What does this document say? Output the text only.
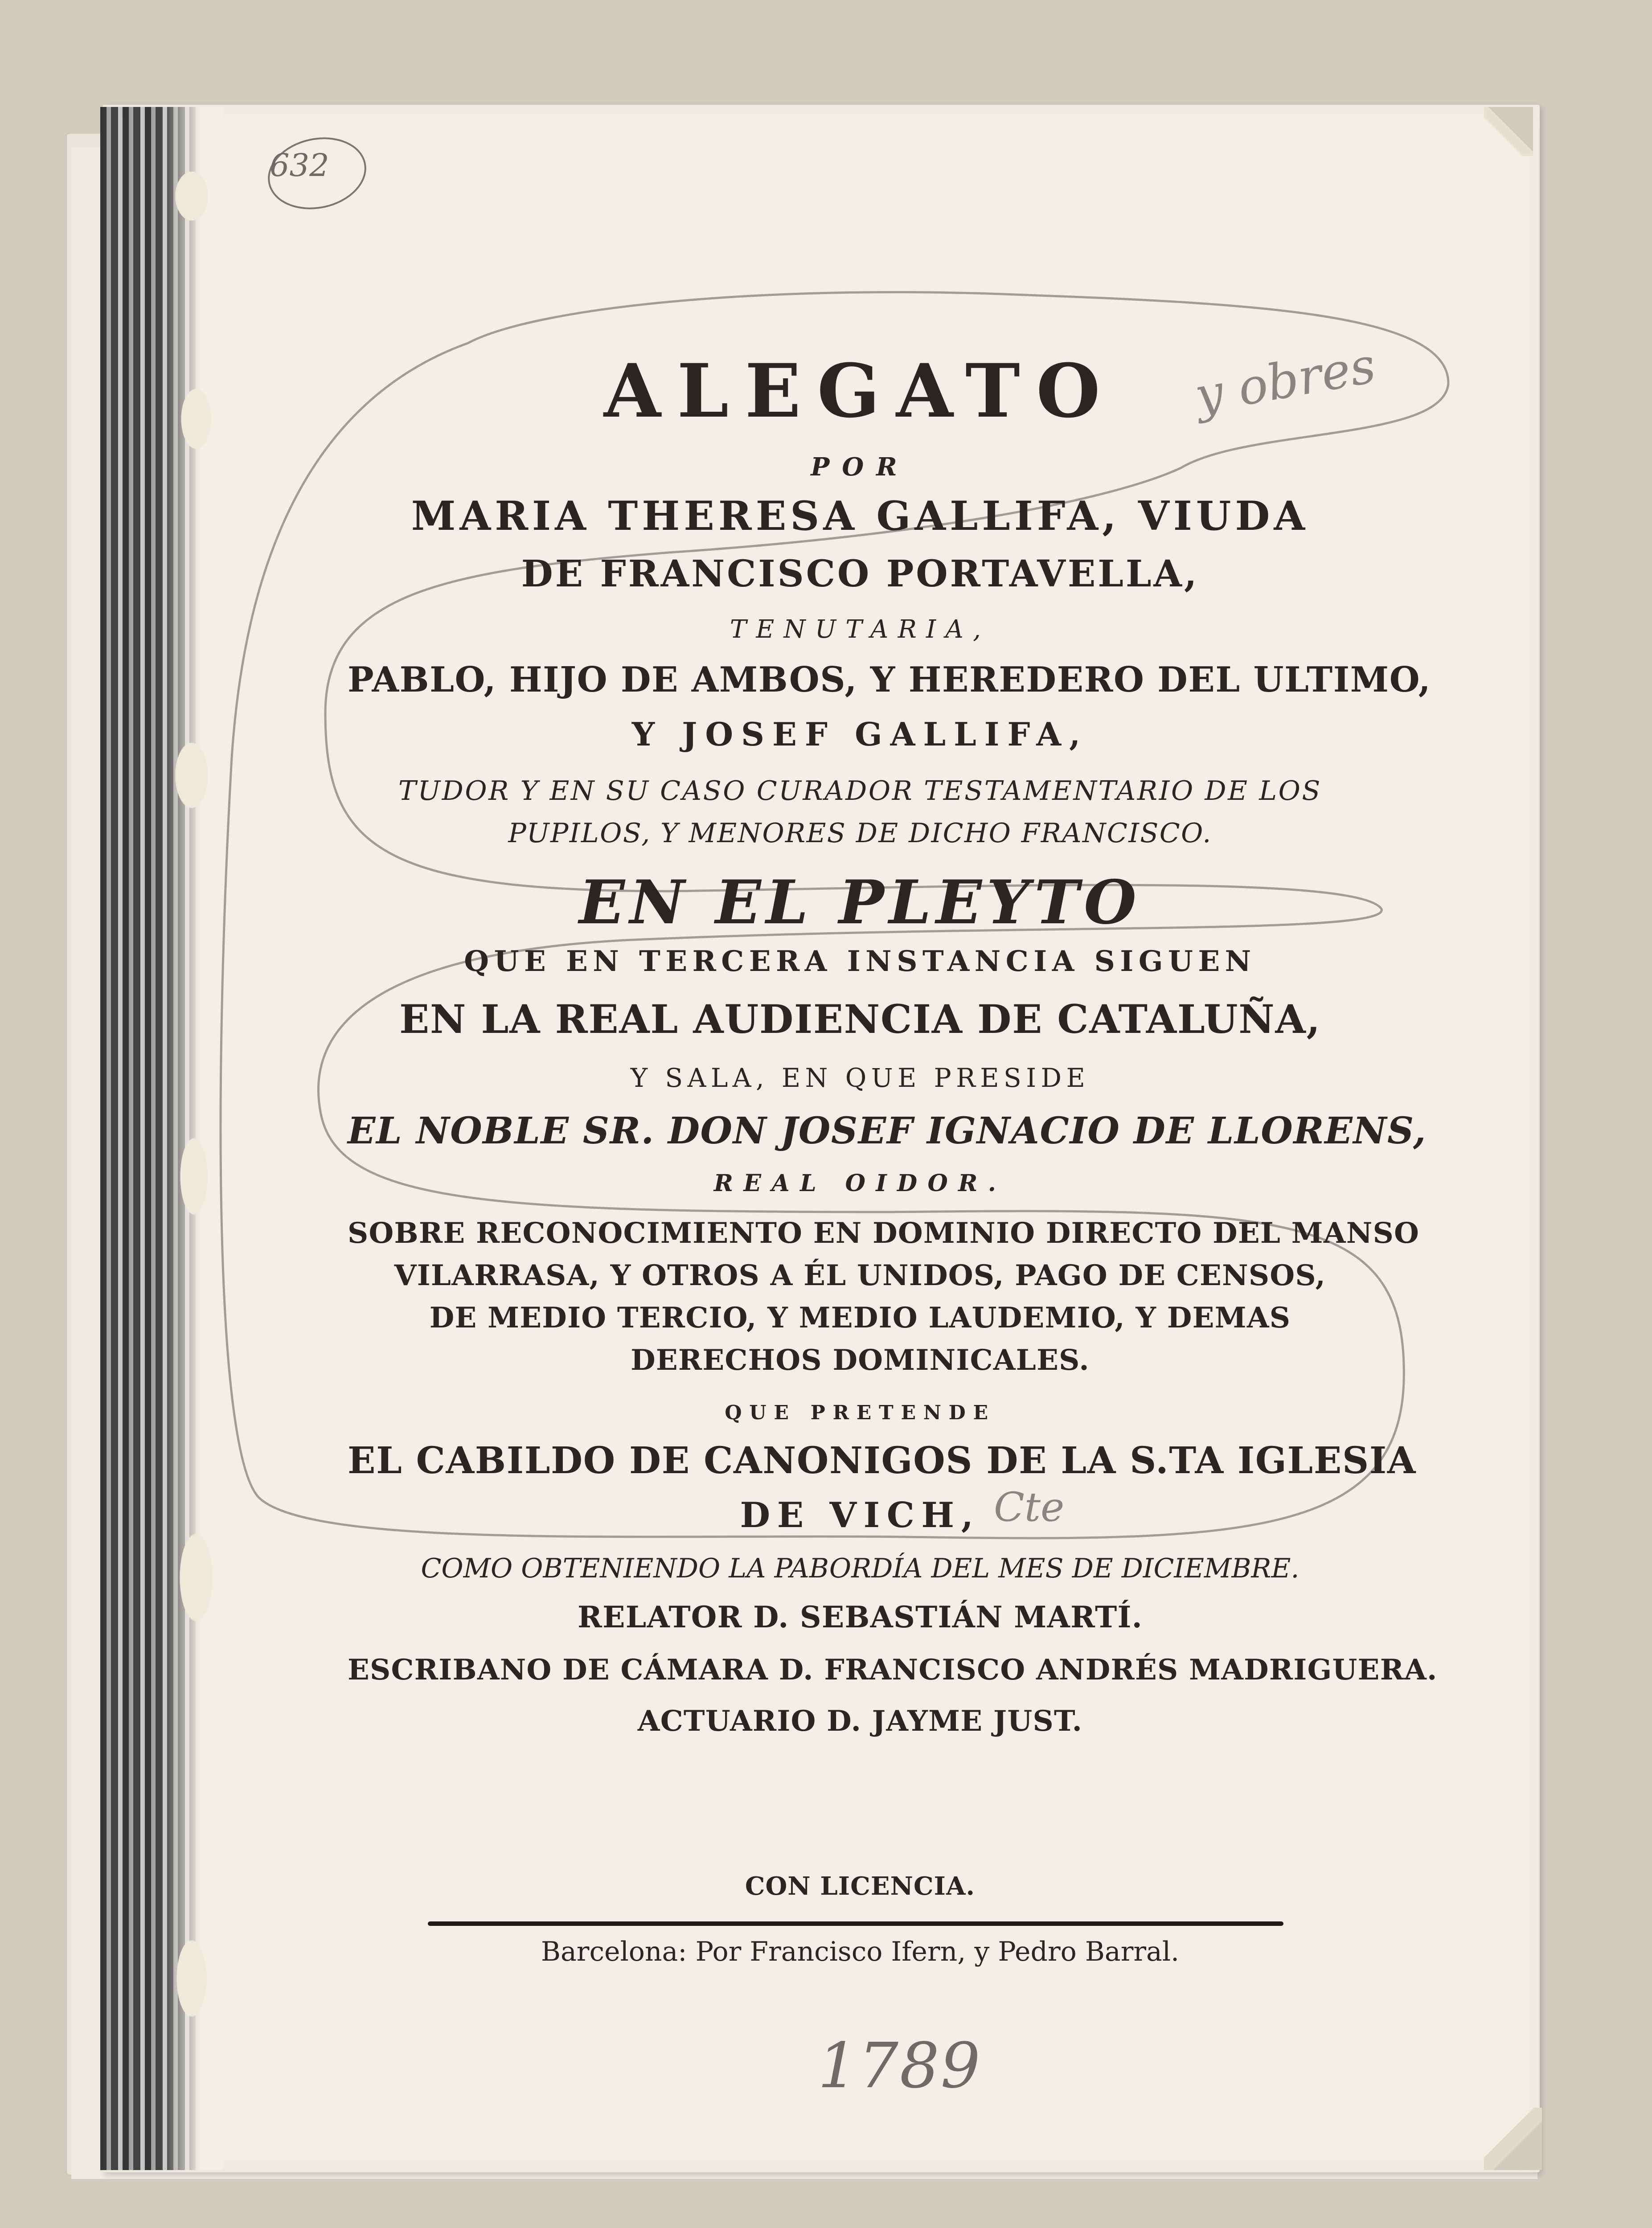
632
y obres
ALEGATO
POR
MARIA THERESA GALLIFA, VIUDA
DE FRANCISCO PORTAVELLA,
TENUTARIA,
PABLO, HIJO DE AMBOS, Y HEREDERO DEL ULTIMO,
Y JOSEF GALLIFA,
TUDOR Y EN SU CASO CURADOR TESTAMENTARIO DE LOS
PUPILOS, Y MENORES DE DICHO FRANCISCO.
EN EL PLEYTO
QUE EN TERCERA INSTANCIA SIGUEN
EN LA REAL AUDIENCIA DE CATALUÑA,
Y SALA, EN QUE PRESIDE
EL NOBLE SR. DON JOSEF IGNACIO DE LLORENS,
REAL OIDOR.
SOBRE RECONOCIMIENTO EN DOMINIO DIRECTO DEL MANSO
VILARRASA, Y OTROS A ÉL UNIDOS, PAGO DE CENSOS,
DE MEDIO TERCIO, Y MEDIO LAUDEMIO, Y DEMAS
DERECHOS DOMINICALES.
QUE PRETENDE
EL CABILDO DE CANONIGOS DE LA S.TA IGLESIA
DE VICH, Cte
COMO OBTENIENDO LA PABORDÍA DEL MES DE DICIEMBRE.
RELATOR D. SEBASTIÁN MARTÍ.
ESCRIBANO DE CÁMARA D. FRANCISCO ANDRÉS MADRIGUERA.
ACTUARIO D. JAYME JUST.
CON LICENCIA.
Barcelona: Por Francisco Ifern, y Pedro Barral.
1789
